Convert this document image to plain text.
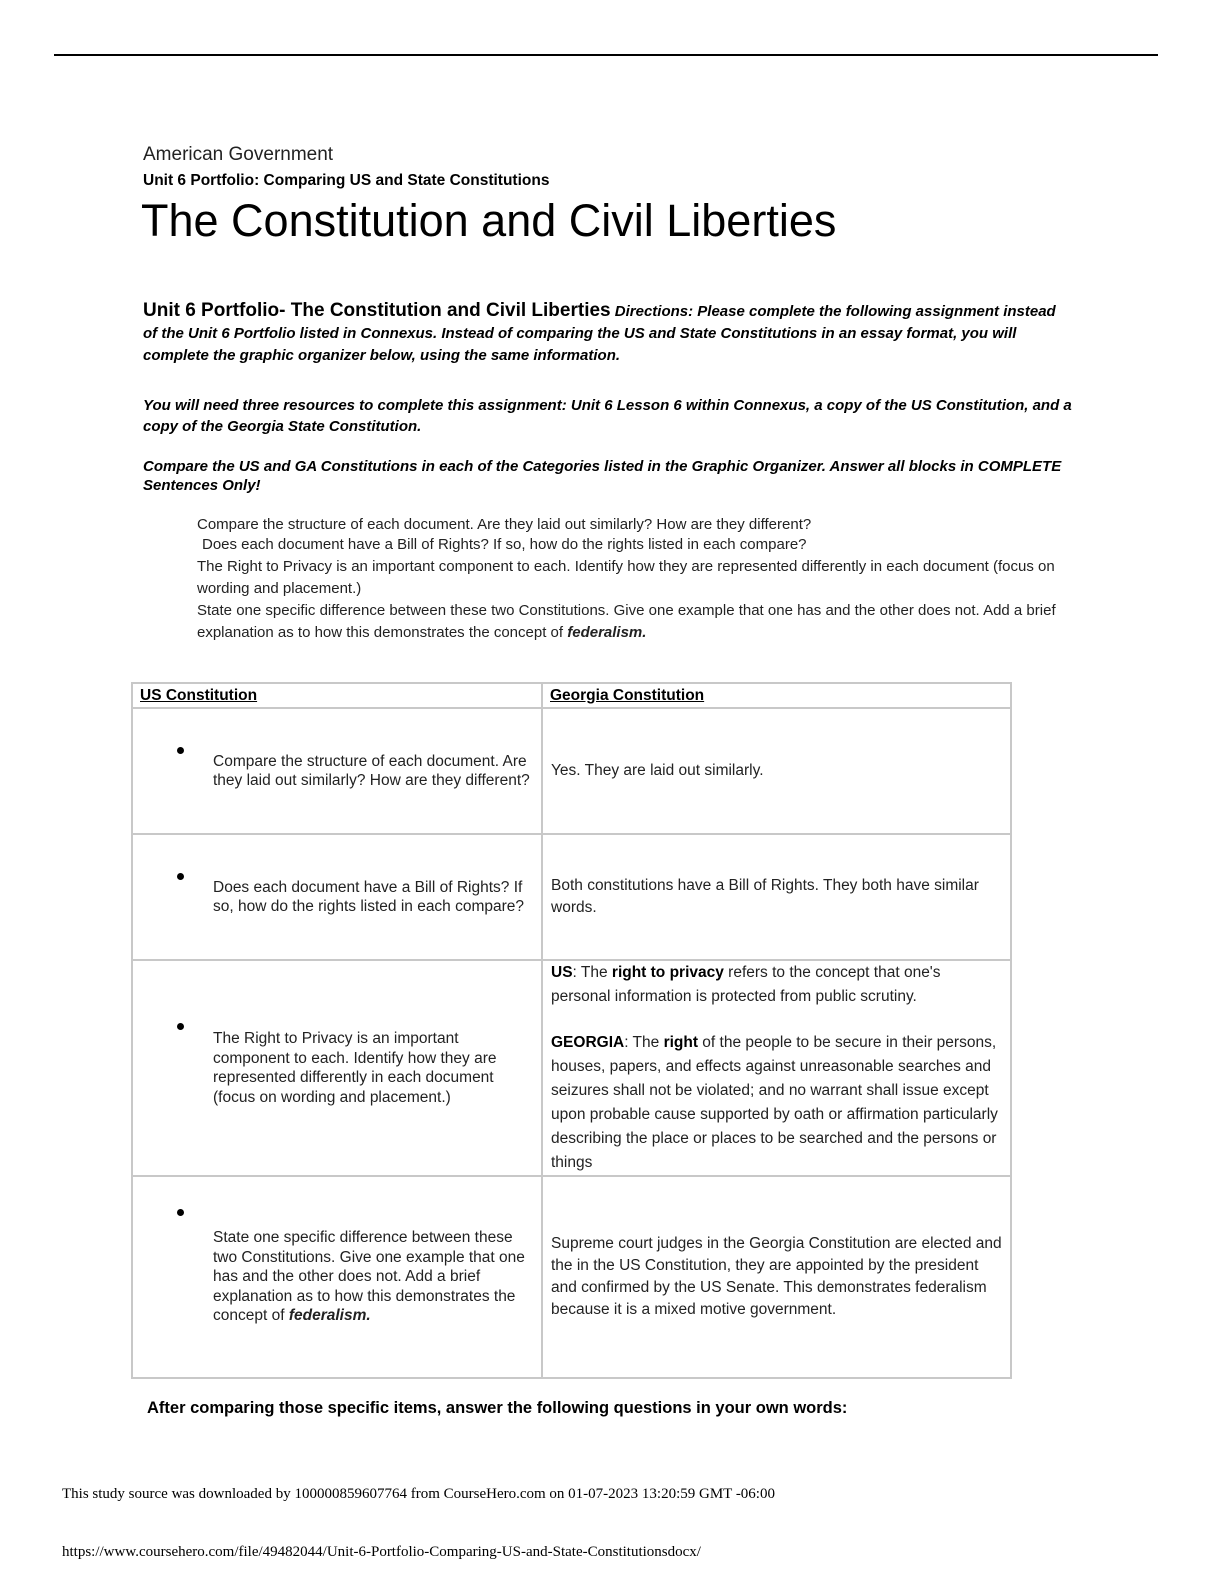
American Government
Unit 6 Portfolio: Comparing US and State Constitutions
The Constitution and Civil Liberties
Unit 6 Portfolio- The Constitution and Civil Liberties Directions: Please complete the following assignment instead of the Unit 6 Portfolio listed in Connexus. Instead of comparing the US and State Constitutions in an essay format, you will complete the graphic organizer below, using the same information.
You will need three resources to complete this assignment: Unit 6 Lesson 6 within Connexus, a copy of the US Constitution, and a copy of the Georgia State Constitution.
Compare the US and GA Constitutions in each of the Categories listed in the Graphic Organizer. Answer all blocks in COMPLETE Sentences Only!
Compare the structure of each document. Are they laid out similarly? How are they different?
Does each document have a Bill of Rights? If so, how do the rights listed in each compare?
The Right to Privacy is an important component to each. Identify how they are represented differently in each document (focus on wording and placement.)
State one specific difference between these two Constitutions. Give one example that one has and the other does not. Add a brief explanation as to how this demonstrates the concept of federalism.
US Constitution	Georgia Constitution

Compare the structure of each document. Are they laid out similarly? How are they different?	Yes. They are laid out similarly.

Does each document have a Bill of Rights? If so, how do the rights listed in each compare?	Both constitutions have a Bill of Rights. They both have similar words.

The Right to Privacy is an important component to each. Identify how they are represented differently in each document (focus on wording and placement.)	US: The right to privacy refers to the concept that one's personal information is protected from public scrutiny.
GEORGIA: The right of the people to be secure in their persons, houses, papers, and effects against unreasonable searches and seizures shall not be violated; and no warrant shall issue except upon probable cause supported by oath or affirmation particularly describing the place or places to be searched and the persons or things

State one specific difference between these two Constitutions. Give one example that one has and the other does not. Add a brief explanation as to how this demonstrates the concept of federalism.	Supreme court judges in the Georgia Constitution are elected and the in the US Constitution, they are appointed by the president and confirmed by the US Senate. This demonstrates federalism because it is a mixed motive government.
After comparing those specific items, answer the following questions in your own words:
This study source was downloaded by 100000859607764 from CourseHero.com on 01-07-2023 13:20:59 GMT -06:00
https://www.coursehero.com/file/49482044/Unit-6-Portfolio-Comparing-US-and-State-Constitutionsdocx/
